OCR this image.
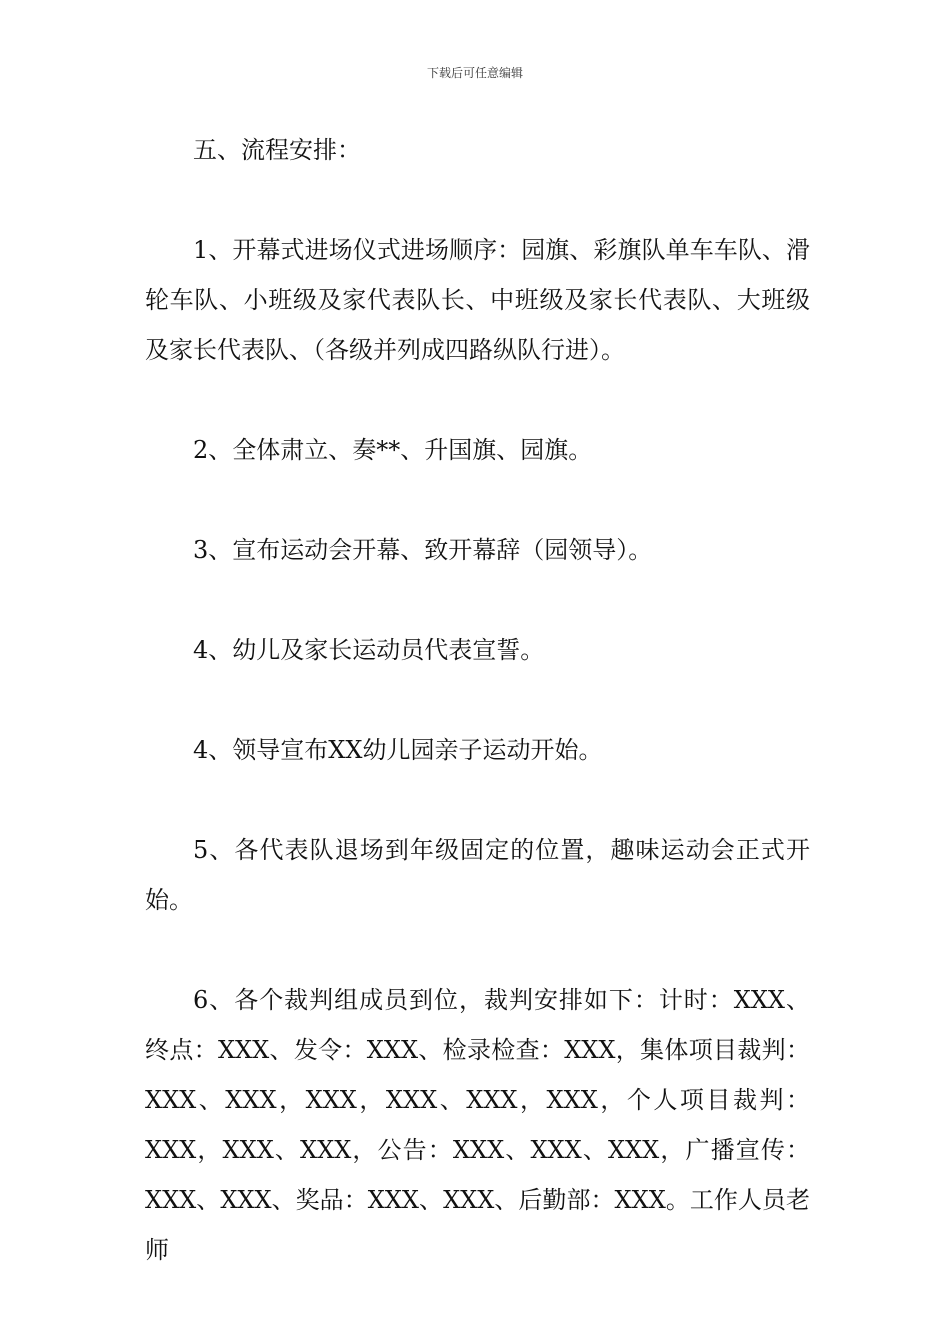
下载后可任意编辑

五、流程安排：

1、开幕式进场仪式进场顺序：园旗、彩旗队单车车队、滑轮车队、小班级及家代表队长、中班级及家长代表队、大班级及家长代表队、（各级并列成四路纵队行进）。

2、全体肃立、奏**、升国旗、园旗。

3、宣布运动会开幕、致开幕辞（园领导）。

4、幼儿及家长运动员代表宣誓。

4、领导宣布XX幼儿园亲子运动开始。

5、各代表队退场到年级固定的位置，趣味运动会正式开始。

6、各个裁判组成员到位，裁判安排如下：计时：XXX、终点：XXX、发令：XXX、检录检查：XXX，集体项目裁判：XXX、XXX，XXX，XXX、XXX，XXX，个人项目裁判：XXX，XXX、XXX，公告：XXX、XXX、XXX，广播宣传：XXX、XXX、奖品：XXX、XXX、后勤部：XXX。工作人员老师
